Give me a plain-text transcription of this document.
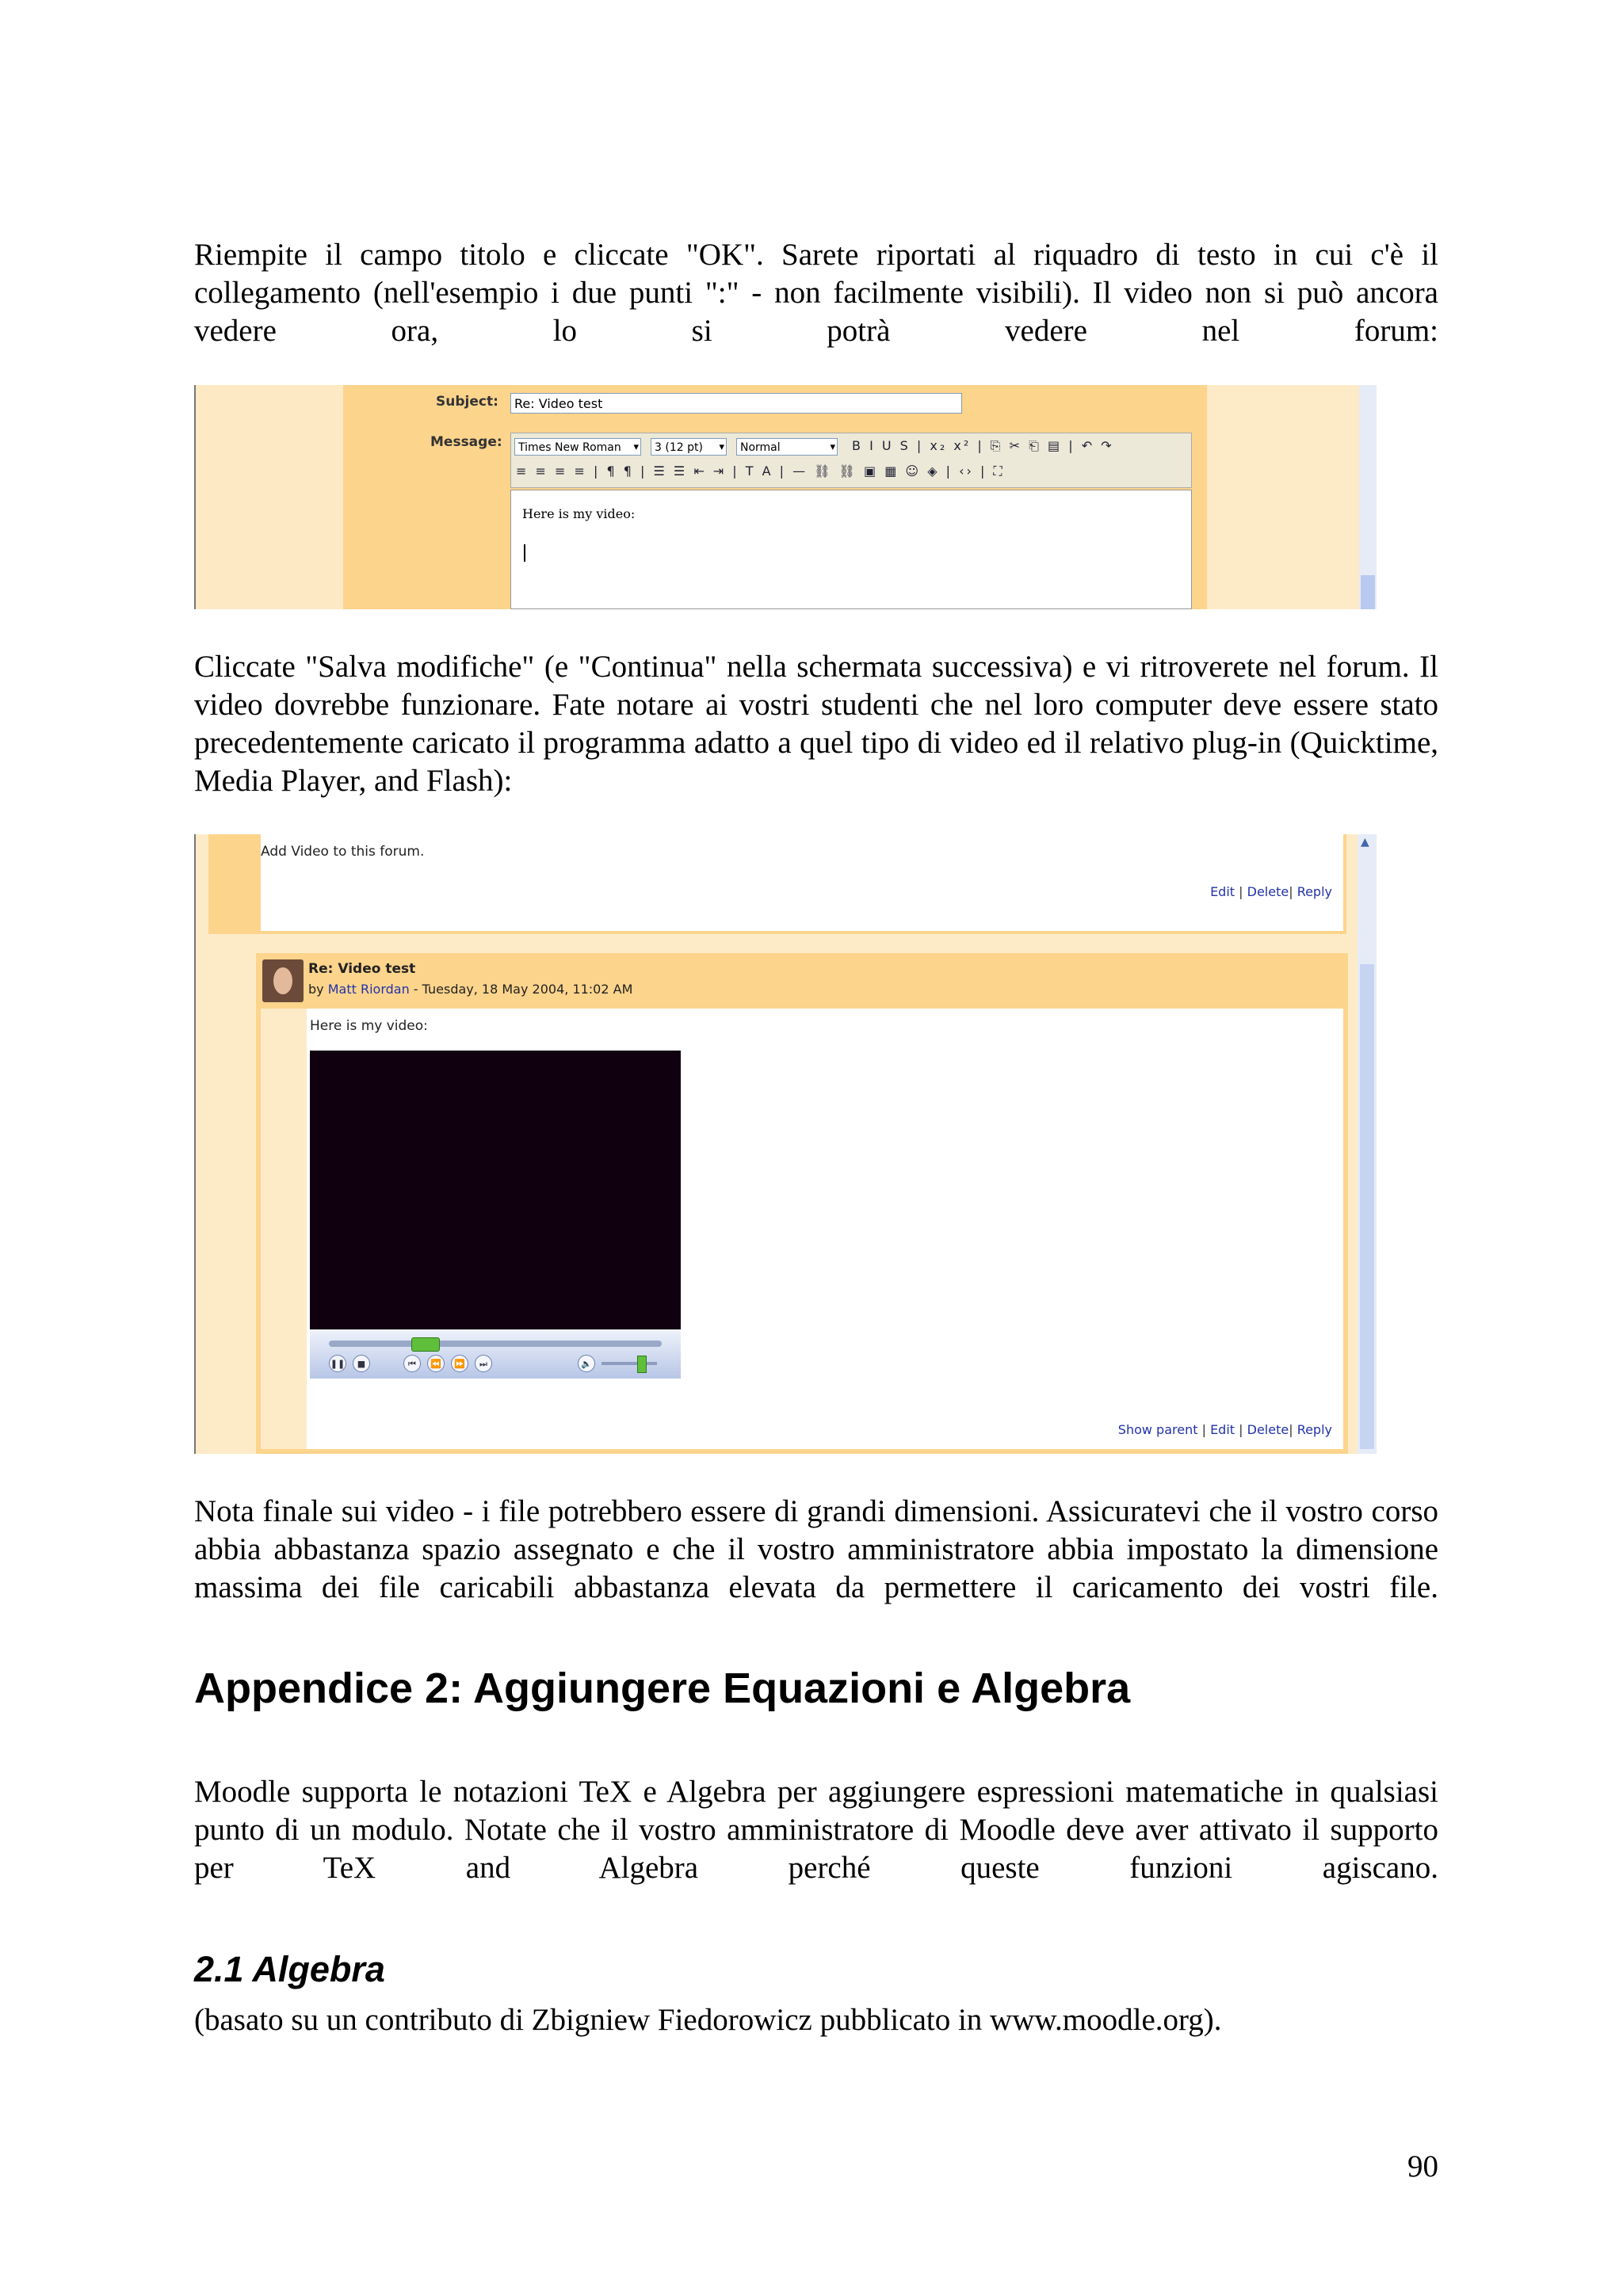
Riempite il campo titolo e cliccate "OK". Sarete riportati al riquadro di testo in cui c'è il collegamento (nell'esempio i due punti ":" - non facilmente visibili). Il video non si può ancora vedere ora, lo si potrà vedere nel forum:

Subject:
Message:
Re: Video test
Times New Roman ▾	3 (12 pt) ▾	Normal ▾	B I U S | x₂ x² | ⎘ ✂ ⎗ ▤ | ↶ ↷
≡ ≡ ≡ ≡ | ¶ ¶ | ☰ ☰ ⇤ ⇥ | T A | — ⛓ ⛓ ▣ ▦ ☺ ◈ | ‹› | ⛶
Here is my video:

Cliccate "Salva modifiche" (e "Continua" nella schermata successiva) e vi ritroverete nel forum. Il video dovrebbe funzionare. Fate notare ai vostri studenti che nel loro computer deve essere stato precedentemente caricato il programma adatto a quel tipo di video ed il relativo plug-in (Quicktime, Media Player, and Flash):

▲
Add Video to this forum.
Edit | Delete| Reply
Re: Video test
by Matt Riordan - Tuesday, 18 May 2004, 11:02 AM
Here is my video:
❚❚	■	⏮	⏪	⏩	⏭	🔈
Show parent | Edit | Delete| Reply

Nota finale sui video - i file potrebbero essere di grandi dimensioni. Assicuratevi che il vostro corso abbia abbastanza spazio assegnato e che il vostro amministratore abbia impostato la dimensione massima dei file caricabili abbastanza elevata da permettere il caricamento dei vostri file.

Appendice 2: Aggiungere Equazioni e Algebra

Moodle supporta le notazioni TeX e Algebra per aggiungere espressioni matematiche in qualsiasi punto di un modulo. Notate che il vostro amministratore di Moodle deve aver attivato il supporto per TeX and Algebra perché queste funzioni agiscano.

2.1 Algebra

(basato su un contributo di Zbigniew Fiedorowicz pubblicato in www.moodle.org).

90
